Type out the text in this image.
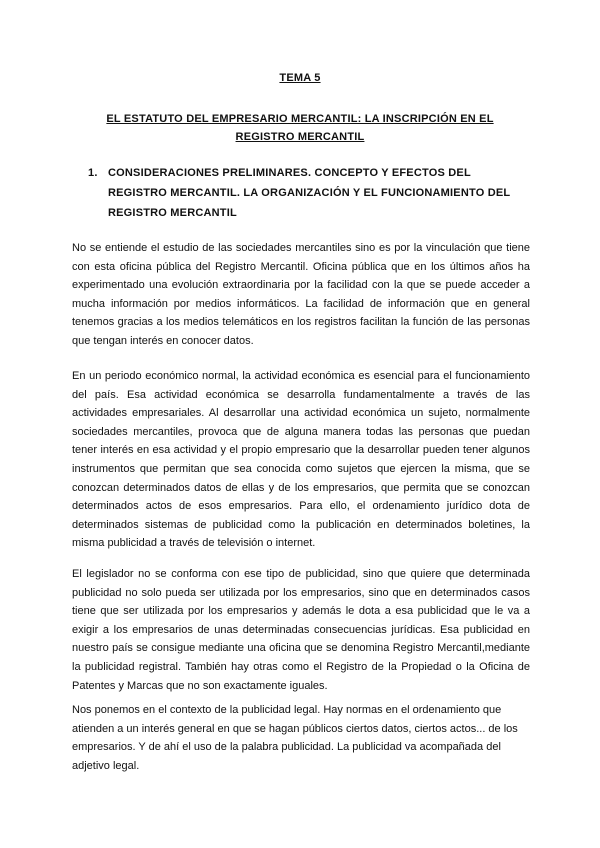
TEMA 5
EL ESTATUTO DEL EMPRESARIO MERCANTIL: LA INSCRIPCIÓN EN EL REGISTRO MERCANTIL
1. CONSIDERACIONES PRELIMINARES. CONCEPTO Y EFECTOS DEL REGISTRO MERCANTIL. LA ORGANIZACIÓN Y EL FUNCIONAMIENTO DEL REGISTRO MERCANTIL

No se entiende el estudio de las sociedades mercantiles sino es por la vinculación que tiene con esta oficina pública del Registro Mercantil. Oficina pública que en los últimos años ha experimentado una evolución extraordinaria por la facilidad con la que se puede acceder a mucha información por medios informáticos. La facilidad de información que en general tenemos gracias a los medios telemáticos en los registros facilitan la función de las personas que tengan interés en conocer datos.

En un periodo económico normal, la actividad económica es esencial para el funcionamiento del país. Esa actividad económica se desarrolla fundamentalmente a través de las actividades empresariales. Al desarrollar una actividad económica un sujeto, normalmente sociedades mercantiles, provoca que de alguna manera todas las personas que puedan tener interés en esa actividad y el propio empresario que la desarrollar pueden tener algunos instrumentos que permitan que sea conocida como sujetos que ejercen la misma, que se conozcan determinados datos de ellas y de los empresarios, que permita que se conozcan determinados actos de esos empresarios. Para ello, el ordenamiento jurídico dota de determinados sistemas de publicidad como la publicación en determinados boletines, la misma publicidad a través de televisión o internet.

El legislador no se conforma con ese tipo de publicidad, sino que quiere que determinada publicidad no solo pueda ser utilizada por los empresarios, sino que en determinados casos tiene que ser utilizada por los empresarios y además le dota a esa publicidad que le va a exigir a los empresarios de unas determinadas consecuencias jurídicas. Esa publicidad en nuestro país se consigue mediante una oficina que se denomina Registro Mercantil,mediante la publicidad registral. También hay otras como el Registro de la Propiedad o la Oficina de Patentes y Marcas que no son exactamente iguales.

Nos ponemos en el contexto de la publicidad legal. Hay normas en el ordenamiento que atienden a un interés general en que se hagan públicos ciertos datos, ciertos actos... de los empresarios. Y de ahí el uso de la palabra publicidad. La publicidad va acompañada del adjetivo legal.
